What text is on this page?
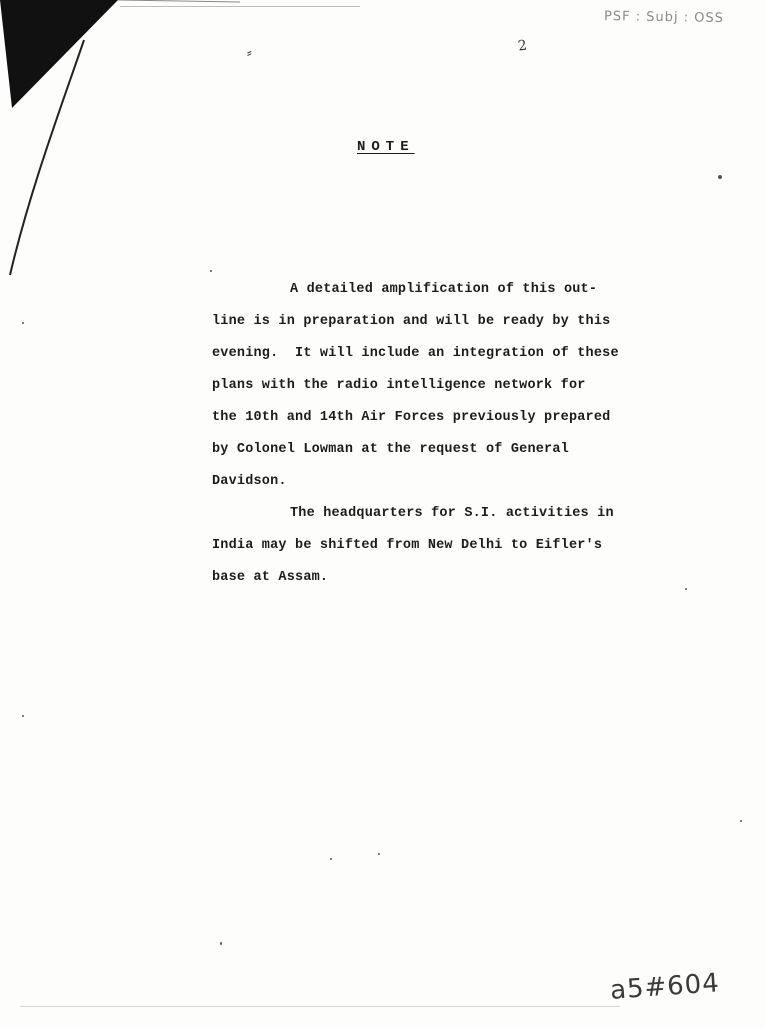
PSF : Subj : OSS
⸗	2
NOTE
A detailed amplification of this out-
line is in preparation and will be ready by this
evening.  It will include an integration of these
plans with the radio intelligence network for
the 10th and 14th Air Forces previously prepared
by Colonel Lowman at the request of General
Davidson.
The headquarters for S.I. activities in
India may be shifted from New Delhi to Eifler's
base at Assam.
a5#604
